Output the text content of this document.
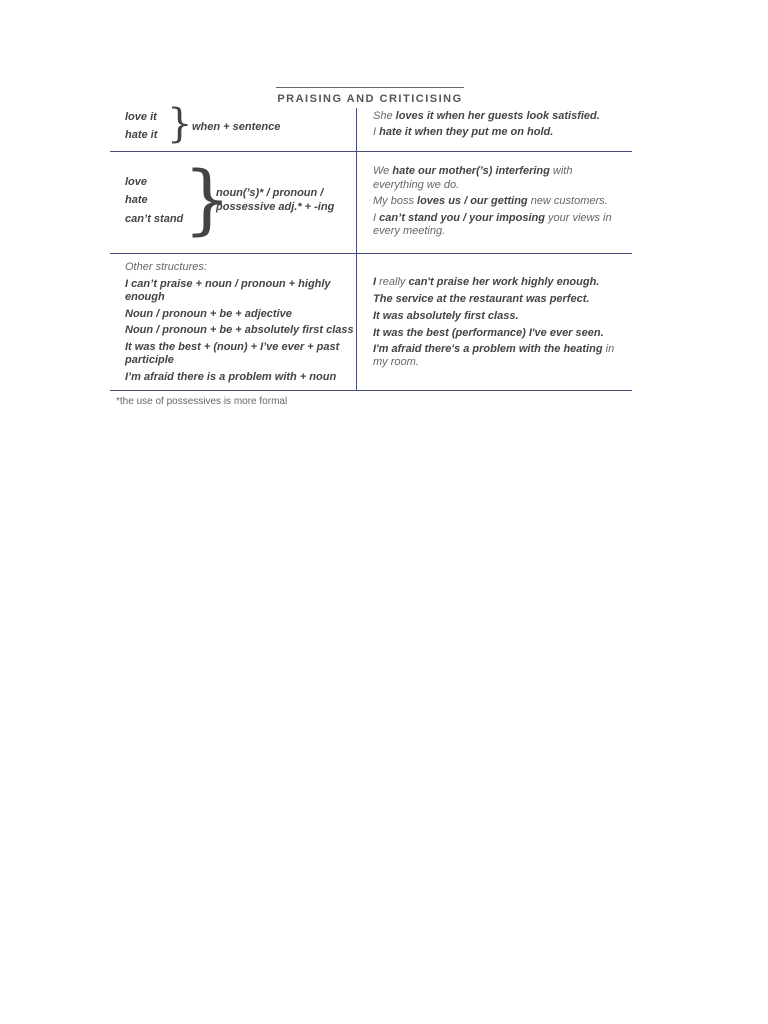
PRAISING AND CRITICISING
love it
hate it } when + sentence
She loves it when her guests look satisfied.
I hate it when they put me on hold.
love
hate
can’t stand }
noun(’s)* / pronoun /
possessive adj.* + -ing
We hate our mother(’s) interfering with
everything we do.
My boss loves us / our getting new customers.
I can’t stand you / your imposing your views in
every meeting.
Other structures:
I can’t praise + noun / pronoun + highly
enough
Noun / pronoun + be + adjective
Noun / pronoun + be + absolutely first class
It was the best + (noun) + I’ve ever + past
participle
I’m afraid there is a problem with + noun
I really can't praise her work highly enough.
The service at the restaurant was perfect.
It was absolutely first class.
It was the best (performance) I've ever seen.
I'm afraid there's a problem with the heating in
my room.
*the use of possessives is more formal
